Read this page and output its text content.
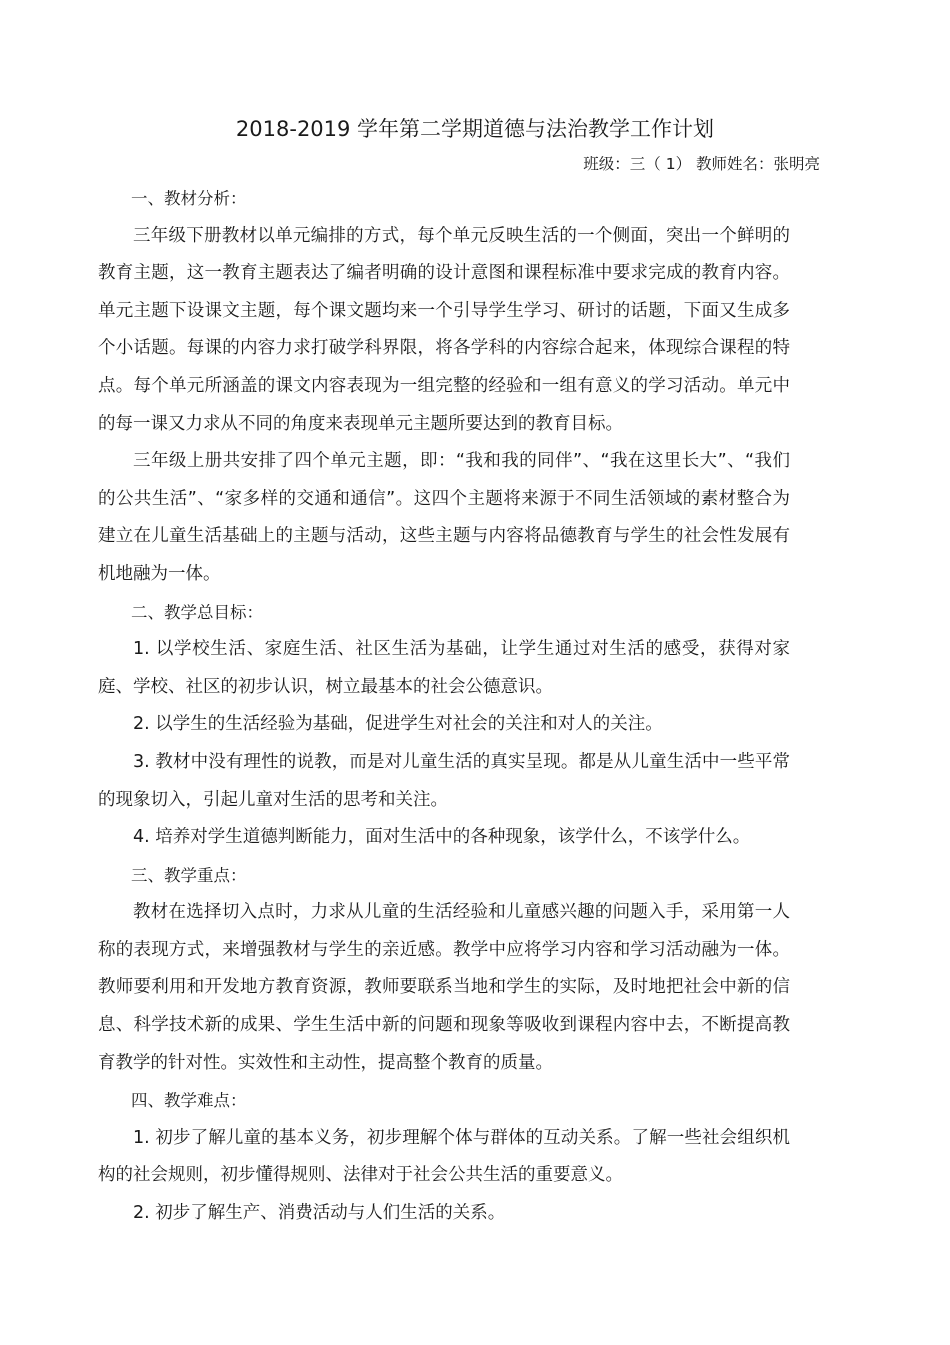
2018-2019 学年第二学期道德与法治教学工作计划
班级：三（ 1） 教师姓名：张明亮

一、教材分析：

三年级下册教材以单元编排的方式，每个单元反映生活的一个侧面，突出一个鲜明的教育主题，这一教育主题表达了编者明确的设计意图和课程标准中要求完成的教育内容。单元主题下设课文主题，每个课文题均来一个引导学生学习、研讨的话题，下面又生成多个小话题。每课的内容力求打破学科界限，将各学科的内容综合起来，体现综合课程的特点。每个单元所涵盖的课文内容表现为一组完整的经验和一组有意义的学习活动。单元中的每一课又力求从不同的角度来表现单元主题所要达到的教育目标。

三年级上册共安排了四个单元主题，即：“我和我的同伴”、“我在这里长大”、“我们的公共生活”、“家多样的交通和通信”。这四个主题将来源于不同生活领域的素材整合为建立在儿童生活基础上的主题与活动，这些主题与内容将品德教育与学生的社会性发展有机地融为一体。

二、教学总目标：

1. 以学校生活、家庭生活、社区生活为基础，让学生通过对生活的感受，获得对家庭、学校、社区的初步认识，树立最基本的社会公德意识。

2. 以学生的生活经验为基础，促进学生对社会的关注和对人的关注。

3. 教材中没有理性的说教，而是对儿童生活的真实呈现。都是从儿童生活中一些平常的现象切入，引起儿童对生活的思考和关注。

4. 培养对学生道德判断能力，面对生活中的各种现象，该学什么，不该学什么。

三、教学重点：

教材在选择切入点时，力求从儿童的生活经验和儿童感兴趣的问题入手，采用第一人称的表现方式，来增强教材与学生的亲近感。教学中应将学习内容和学习活动融为一体。教师要利用和开发地方教育资源，教师要联系当地和学生的实际，及时地把社会中新的信息、科学技术新的成果、学生生活中新的问题和现象等吸收到课程内容中去，不断提高教育教学的针对性。实效性和主动性，提高整个教育的质量。

四、教学难点：

1. 初步了解儿童的基本义务，初步理解个体与群体的互动关系。了解一些社会组织机构的社会规则，初步懂得规则、法律对于社会公共生活的重要意义。

2. 初步了解生产、消费活动与人们生活的关系。
